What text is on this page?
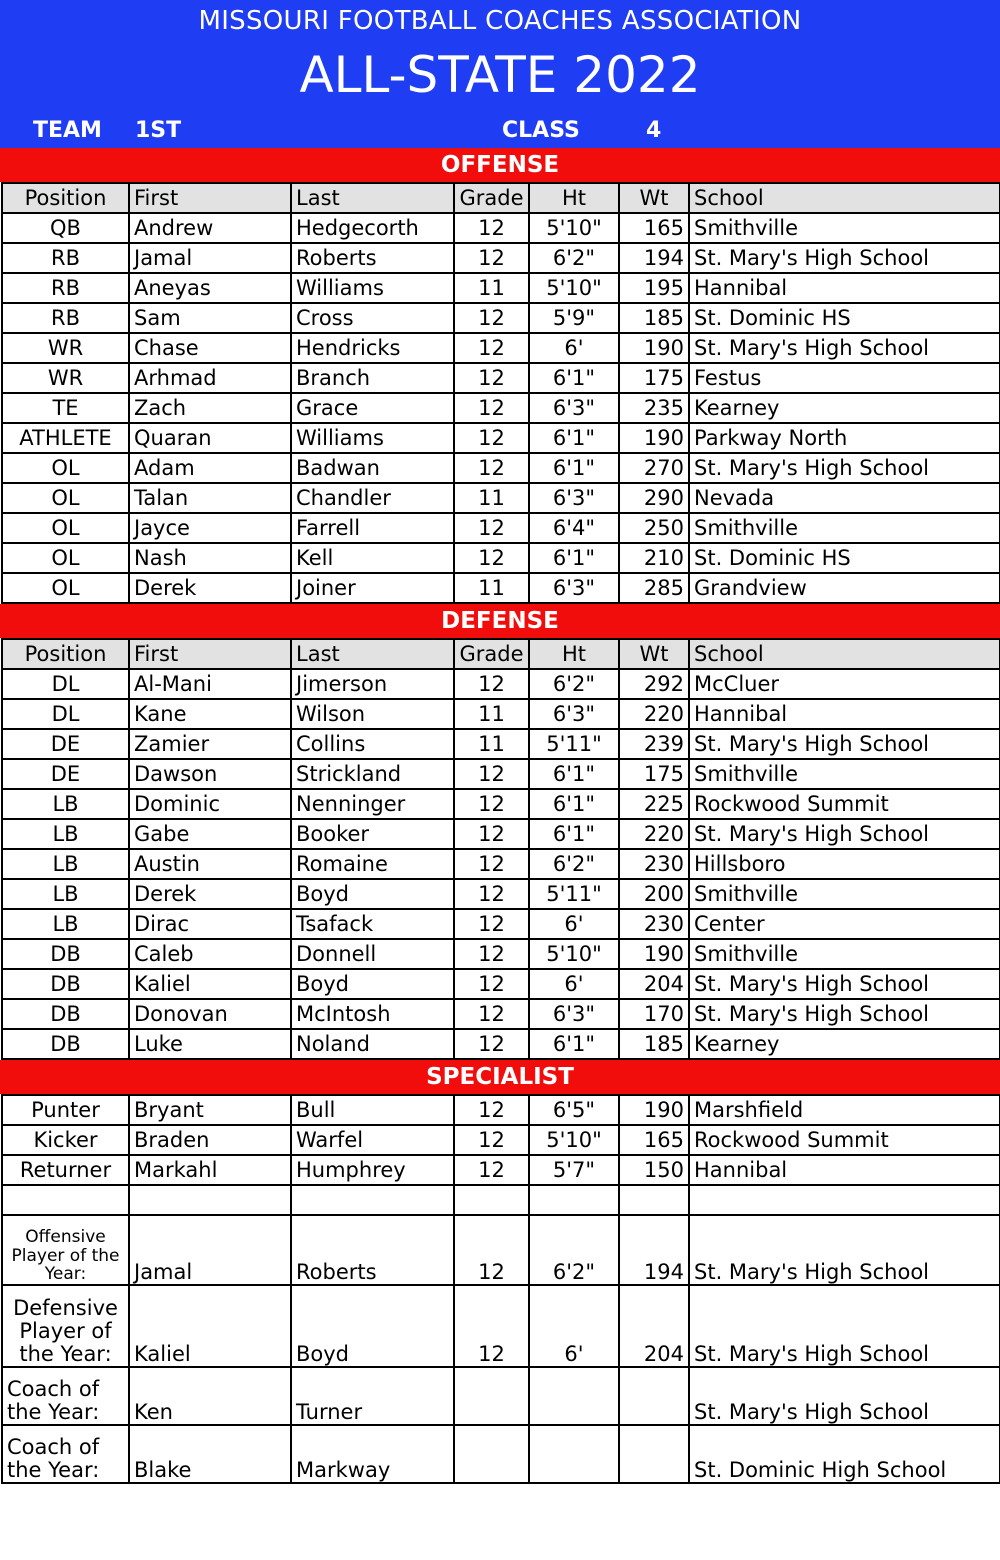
MISSOURI FOOTBALL COACHES ASSOCIATION
ALL-STATE 2022
TEAM 1ST	CLASS	4
OFFENSE
Position	First	Last	Grade	Ht	Wt	School
QB	Andrew	Hedgecorth	12	5'10"	165	Smithville
RB	Jamal	Roberts	12	6'2"	194	St. Mary's High School
RB	Aneyas	Williams	11	5'10"	195	Hannibal
RB	Sam	Cross	12	5'9"	185	St. Dominic HS
WR	Chase	Hendricks	12	6'	190	St. Mary's High School
WR	Arhmad	Branch	12	6'1"	175	Festus
TE	Zach	Grace	12	6'3"	235	Kearney
ATHLETE	Quaran	Williams	12	6'1"	190	Parkway North
OL	Adam	Badwan	12	6'1"	270	St. Mary's High School
OL	Talan	Chandler	11	6'3"	290	Nevada
OL	Jayce	Farrell	12	6'4"	250	Smithville
OL	Nash	Kell	12	6'1"	210	St. Dominic HS
OL	Derek	Joiner	11	6'3"	285	Grandview
DEFENSE
Position	First	Last	Grade	Ht	Wt	School
DL	Al-Mani	Jimerson	12	6'2"	292	McCluer
DL	Kane	Wilson	11	6'3"	220	Hannibal
DE	Zamier	Collins	11	5'11"	239	St. Mary's High School
DE	Dawson	Strickland	12	6'1"	175	Smithville
LB	Dominic	Nenninger	12	6'1"	225	Rockwood Summit
LB	Gabe	Booker	12	6'1"	220	St. Mary's High School
LB	Austin	Romaine	12	6'2"	230	Hillsboro
LB	Derek	Boyd	12	5'11"	200	Smithville
LB	Dirac	Tsafack	12	6'	230	Center
DB	Caleb	Donnell	12	5'10"	190	Smithville
DB	Kaliel	Boyd	12	6'	204	St. Mary's High School
DB	Donovan	McIntosh	12	6'3"	170	St. Mary's High School
DB	Luke	Noland	12	6'1"	185	Kearney
SPECIALIST
Punter	Bryant	Bull	12	6'5"	190	Marshfield
Kicker	Braden	Warfel	12	5'10"	165	Rockwood Summit
Returner	Markahl	Humphrey	12	5'7"	150	Hannibal

Offensive Player of the Year:	Jamal	Roberts	12	6'2"	194	St. Mary's High School
Defensive Player of the Year:	Kaliel	Boyd	12	6'	204	St. Mary's High School
Coach of the Year:	Ken	Turner				St. Mary's High School
Coach of the Year:	Blake	Markway				St. Dominic High School
